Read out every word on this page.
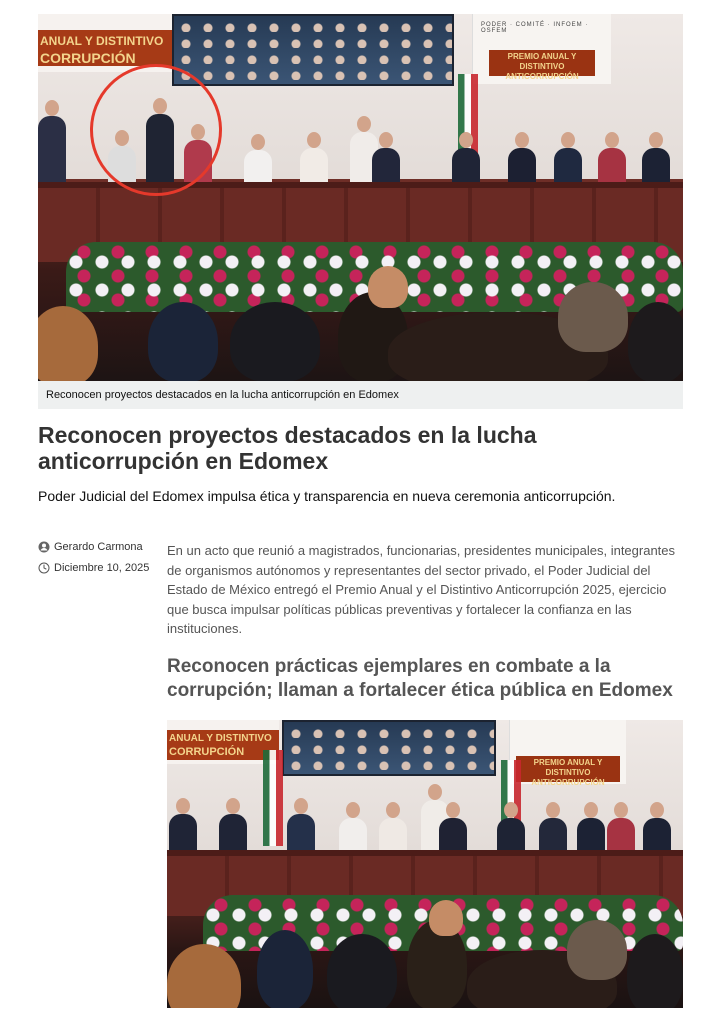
ANUAL Y DISTINTIVO
CORRUPCIÓN
PODER · COMITÉ · INFOEM · OSFEM
PREMIO ANUAL Y DISTINTIVO
ANTICORRUPCIÓN
Reconocen proyectos destacados en la lucha anticorrupción en Edomex
Reconocen proyectos destacados en la lucha anticorrupción en Edomex

Poder Judicial del Edomex impulsa ética y transparencia en nueva ceremonia anticorrupción.

Gerardo Carmona
Diciembre 10, 2025

En un acto que reunió a magistrados, funcionarias, presidentes municipales, integrantes de organismos autónomos y representantes del sector privado, el Poder Judicial del Estado de México entregó el Premio Anual y el Distintivo Anticorrupción 2025, ejercicio que busca impulsar políticas públicas preventivas y fortalecer la confianza en las instituciones.

Reconocen prácticas ejemplares en combate a la corrupción; llaman a fortalecer ética pública en Edomex
ANUAL Y DISTINTIVO
CORRUPCIÓN
PREMIO ANUAL Y DISTINTIVO
ANTICORRUPCIÓN
